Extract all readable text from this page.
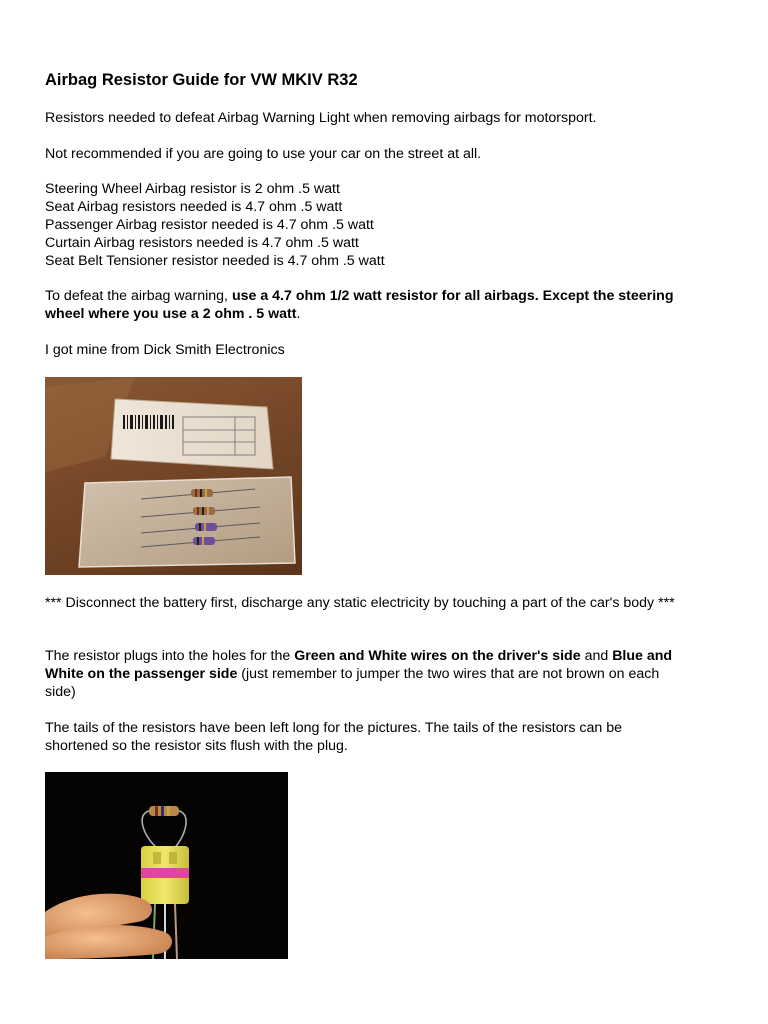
Airbag Resistor Guide for VW MKIV R32

Resistors needed to defeat Airbag Warning Light when removing airbags for motorsport.

Not recommended if you are going to use your car on the street at all.

Steering Wheel Airbag resistor is 2 ohm .5 watt
Seat Airbag resistors needed is 4.7 ohm .5 watt
Passenger Airbag resistor needed is 4.7 ohm .5 watt
Curtain Airbag resistors needed is 4.7 ohm .5 watt
Seat Belt Tensioner resistor needed is 4.7 ohm .5 watt

To defeat the airbag warning, use a 4.7 ohm 1/2 watt resistor for all airbags. Except the steering wheel where you use a 2 ohm . 5 watt.

I got mine from Dick Smith Electronics

*** Disconnect the battery first, discharge any static electricity by touching a part of the car's body ***

The resistor plugs into the holes for the Green and White wires on the driver's side and Blue and White on the passenger side (just remember to jumper the two wires that are not brown on each side)

The tails of the resistors have been left long for the pictures. The tails of the resistors can be shortened so the resistor sits flush with the plug.
